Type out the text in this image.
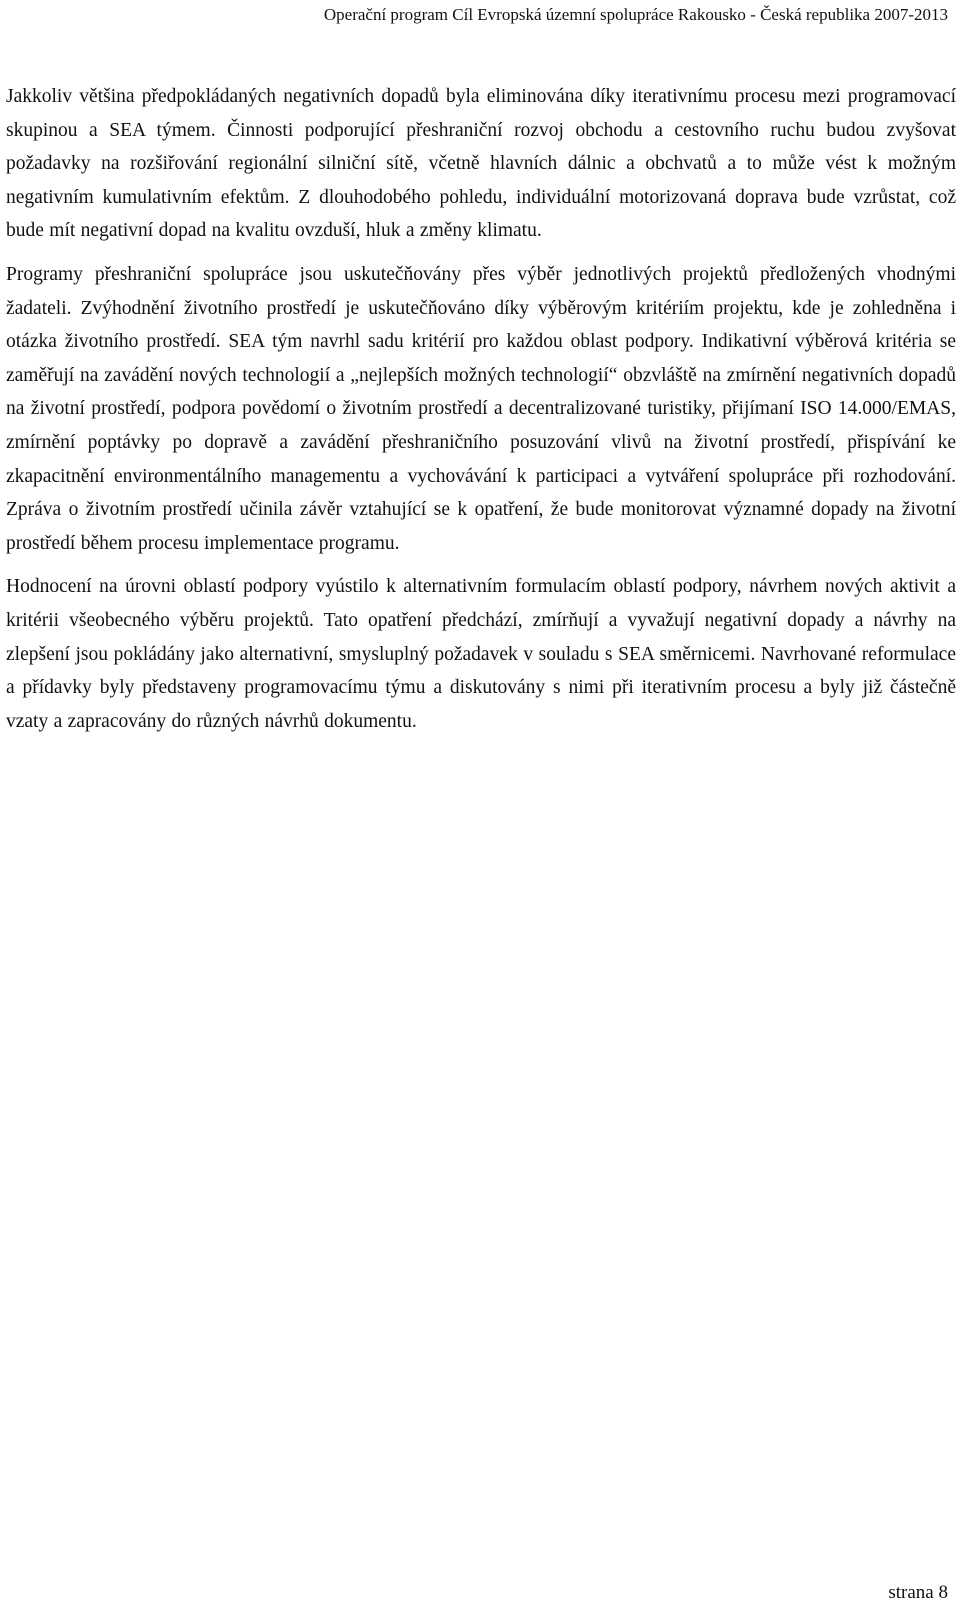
Operační program Cíl Evropská územní spolupráce Rakousko - Česká republika 2007-2013

Jakkoliv většina předpokládaných negativních dopadů byla eliminována díky iterativnímu procesu mezi programovací skupinou a SEA týmem. Činnosti podporující přeshraniční rozvoj obchodu a cestovního ruchu budou zvyšovat požadavky na rozšiřování regionální silniční sítě, včetně hlavních dálnic a obchvatů a to může vést k možným negativním kumulativním efektům. Z dlouhodobého pohledu, individuální motorizovaná doprava bude vzrůstat, což bude mít negativní dopad na kvalitu ovzduší, hluk a změny klimatu.

Programy přeshraniční spolupráce jsou uskutečňovány přes výběr jednotlivých projektů předložených vhodnými žadateli. Zvýhodnění životního prostředí je uskutečňováno díky výběrovým kritériím projektu, kde je zohledněna i otázka životního prostředí. SEA tým navrhl sadu kritérií pro každou oblast podpory. Indikativní výběrová kritéria se zaměřují na zavádění nových technologií a „nejlepších možných technologií“ obzvláště na zmírnění negativních dopadů na životní prostředí, podpora povědomí o životním prostředí a decentralizované turistiky, přijímaní ISO 14.000/EMAS, zmírnění poptávky po dopravě a zavádění přeshraničního posuzování vlivů na životní prostředí, přispívání ke zkapacitnění environmentálního managementu a vychovávání k participaci a vytváření spolupráce při rozhodování. Zpráva o životním prostředí učinila závěr vztahující se k opatření, že bude monitorovat významné dopady na životní prostředí během procesu implementace programu.

Hodnocení na úrovni oblastí podpory vyústilo k alternativním formulacím oblastí podpory, návrhem nových aktivit a kritérii všeobecného výběru projektů. Tato opatření předchází, zmírňují a vyvažují negativní dopady a návrhy na zlepšení jsou pokládány jako alternativní, smysluplný požadavek v souladu s SEA směrnicemi. Navrhované reformulace a přídavky byly představeny programovacímu týmu a diskutovány s nimi při iterativním procesu a byly již částečně vzaty a zapracovány do různých návrhů dokumentu.

strana 8
